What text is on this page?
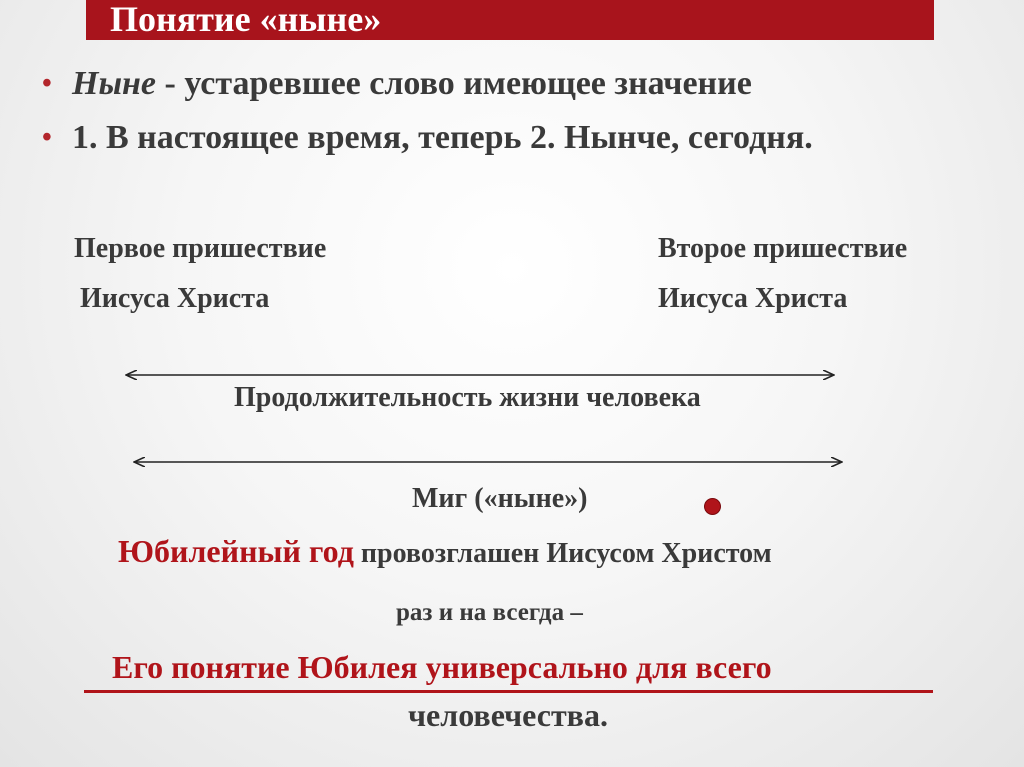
Понятие «ныне»
• Ныне - устаревшее слово имеющее значение
• 1. В настоящее время, теперь 2. Нынче, сегодня.
Первое пришествие
Иисуса Христа
Второе пришествие
Иисуса Христа
Продолжительность жизни человека
Миг («ныне»)
Юбилейный год провозглашен Иисусом Христом
раз и на всегда –
Его понятие Юбилея универсально для всего
человечества.
